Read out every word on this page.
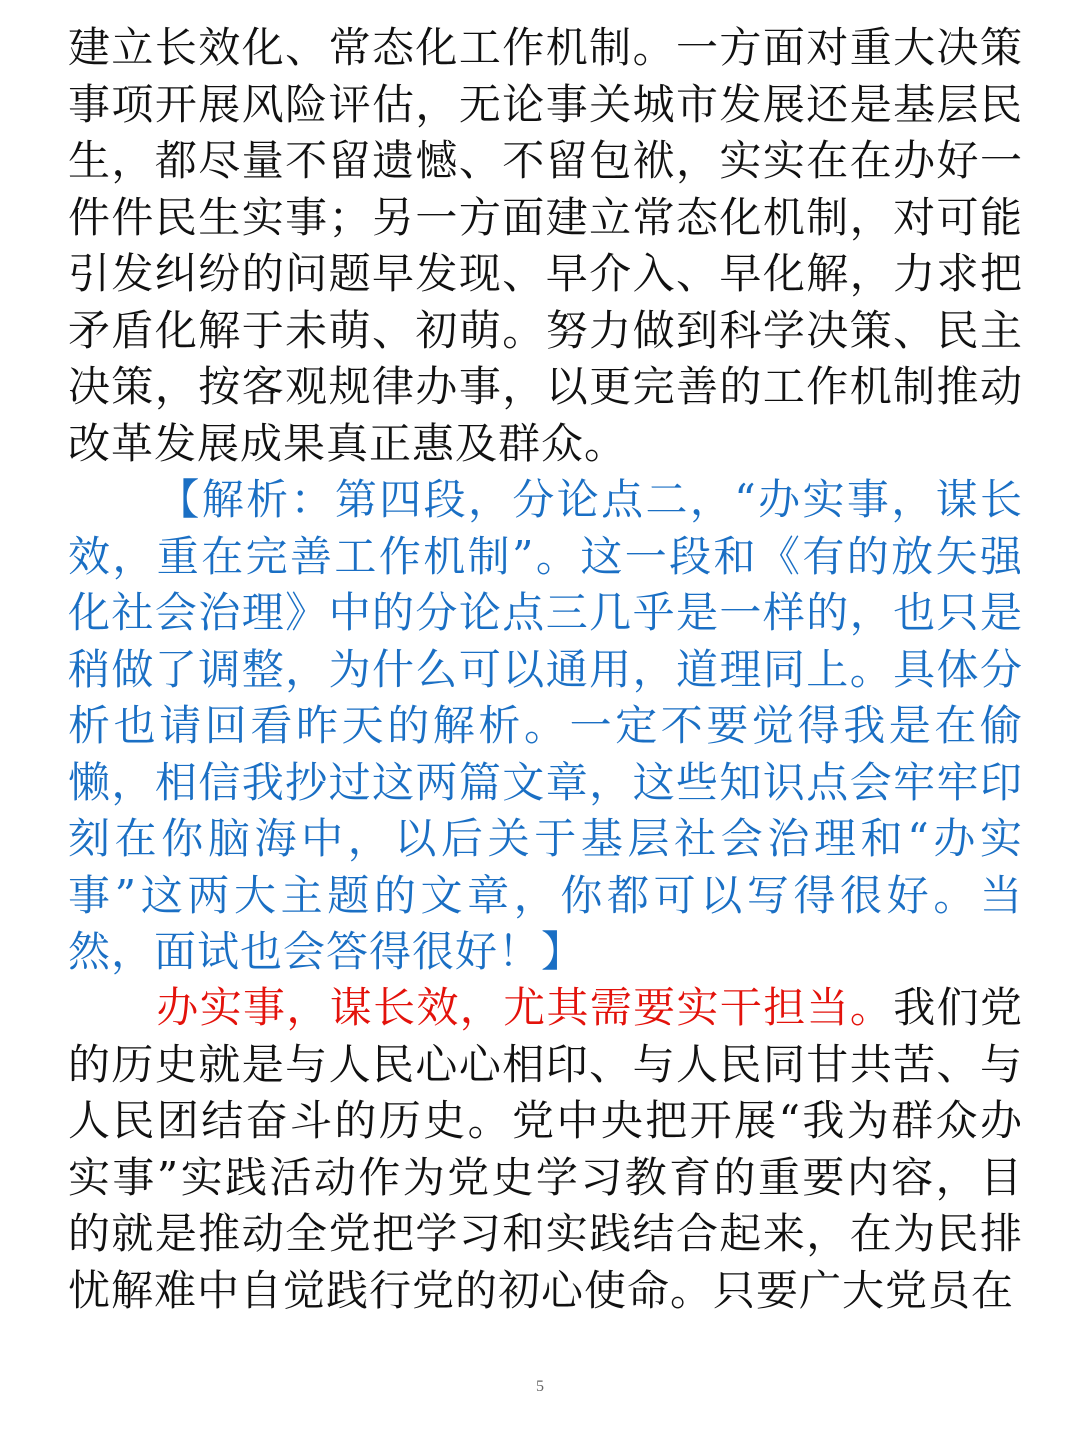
建立长效化、常态化工作机制。一方面对重大决策事项开展风险评估，无论事关城市发展还是基层民生，都尽量不留遗憾、不留包袱，实实在在办好一件件民生实事；另一方面建立常态化机制，对可能引发纠纷的问题早发现、早介入、早化解，力求把矛盾化解于未萌、初萌。努力做到科学决策、民主决策，按客观规律办事，以更完善的工作机制推动改革发展成果真正惠及群众。
【解析：第四段，分论点二，“办实事，谋长效，重在完善工作机制”。这一段和《有的放矢强化社会治理》中的分论点三几乎是一样的，也只是稍做了调整，为什么可以通用，道理同上。具体分析也请回看昨天的解析。一定不要觉得我是在偷懒，相信我抄过这两篇文章，这些知识点会牢牢印刻在你脑海中，以后关于基层社会治理和“办实事”这两大主题的文章，你都可以写得很好。当然，面试也会答得很好！】
办实事，谋长效，尤其需要实干担当。我们党的历史就是与人民心心相印、与人民同甘共苦、与人民团结奋斗的历史。党中央把开展“我为群众办实事”实践活动作为党史学习教育的重要内容，目的就是推动全党把学习和实践结合起来，在为民排忧解难中自觉践行党的初心使命。只要广大党员在
5
